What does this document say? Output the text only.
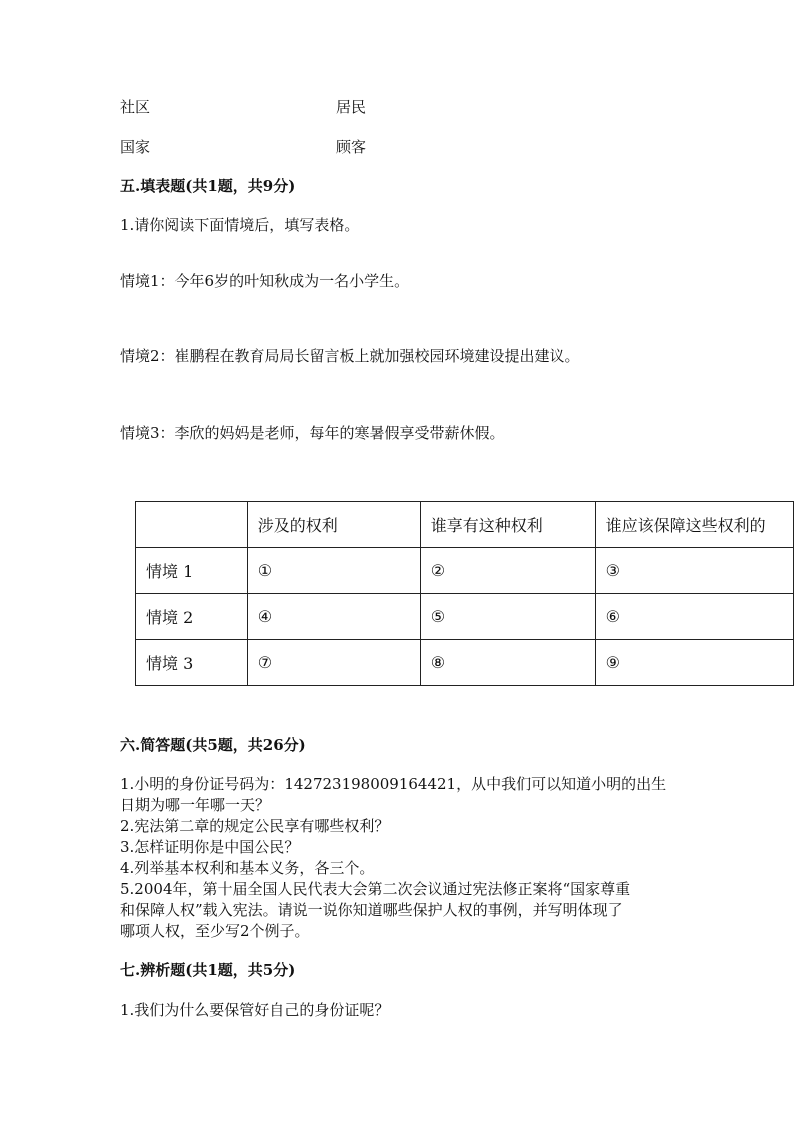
社区	居民
国家	顾客
五.填表题(共1题，共9分)
1.请你阅读下面情境后，填写表格。
情境1：今年6岁的叶知秋成为一名小学生。
情境2：崔鹏程在教育局局长留言板上就加强校园环境建设提出建议。
情境3：李欣的妈妈是老师，每年的寒暑假享受带薪休假。
	涉及的权利	谁享有这种权利	谁应该保障这些权利的
情境 1	①	②	③
情境 2	④	⑤	⑥
情境 3	⑦	⑧	⑨
六.简答题(共5题，共26分)
1.小明的身份证号码为：142723198009164421，从中我们可以知道小明的出生
日期为哪一年哪一天？
2.宪法第二章的规定公民享有哪些权利？
3.怎样证明你是中国公民？
4.列举基本权利和基本义务，各三个。
5.2004年，第十届全国人民代表大会第二次会议通过宪法修正案将“国家尊重
和保障人权”载入宪法。请说一说你知道哪些保护人权的事例，并写明体现了
哪项人权，至少写2个例子。
七.辨析题(共1题，共5分)
1.我们为什么要保管好自己的身份证呢？
